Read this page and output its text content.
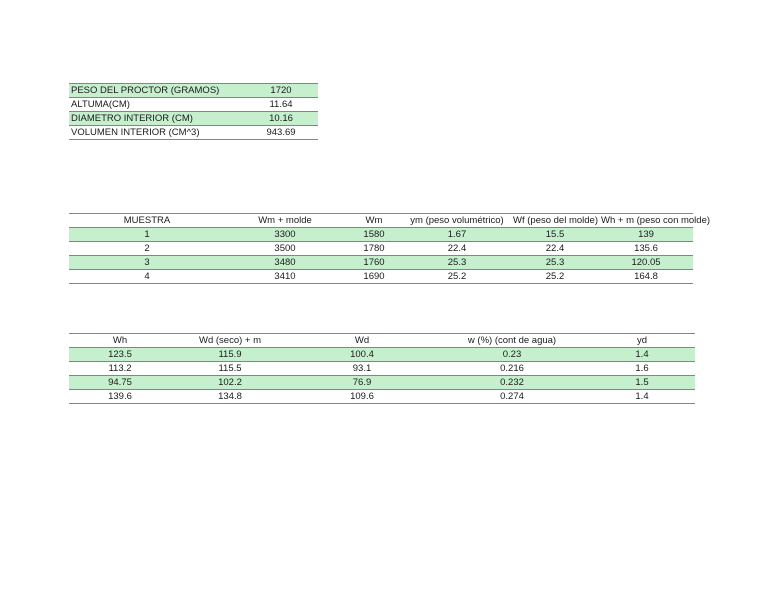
PESO DEL PROCTOR (GRAMOS)	1720
ALTUMA(CM)	11.64
DIAMETRO INTERIOR (CM)	10.16
VOLUMEN INTERIOR (CM^3)	943.69
MUESTRA	Wm + molde	Wm	ym (peso volumétrico)	Wf (peso del molde)	Wh + m (peso con molde)
1	3300	1580	1.67	15.5	139
2	3500	1780	22.4	22.4	135.6
3	3480	1760	25.3	25.3	120.05
4	3410	1690	25.2	25.2	164.8
Wh	Wd (seco) + m	Wd	w (%) (cont de agua)	yd
123.5	115.9	100.4	0.23	1.4
113.2	115.5	93.1	0.216	1.6
94.75	102.2	76.9	0.232	1.5
139.6	134.8	109.6	0.274	1.4
